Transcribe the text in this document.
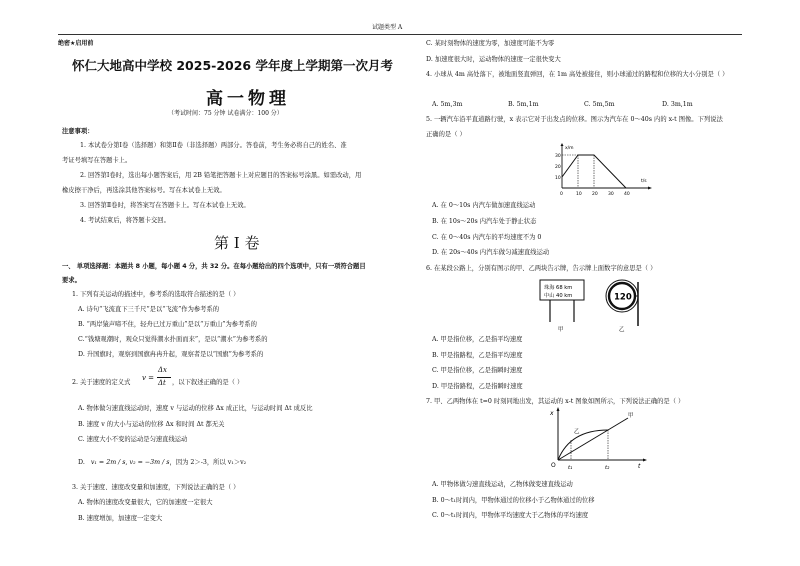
试题类型 A
绝密★启用前
怀仁大地高中学校 2025-2026 学年度上学期第一次月考
高一物理
（考试时间：75 分钟 试卷满分：100 分）
注意事项：
1. 本试卷分第Ⅰ卷（选择题）和第Ⅱ卷（非选择题）两部分。答卷前，考生务必将自己的姓名、准
考证号填写在答题卡上。
2. 回答第Ⅰ卷时，选出每小题答案后，用 2B 铅笔把答题卡上对应题目的答案标号涂黑。如需改动，用
橡皮擦干净后，再选涂其他答案标号。写在本试卷上无效。
3. 回答第Ⅱ卷时，将答案写在答题卡上。写在本试卷上无效。
4. 考试结束后，将答题卡交回。
第 I 卷
一、 单项选择题：本题共 8 小题，每小题 4 分，共 32 分。在每小题给出的四个选项中，只有一项符合题目
要求。
1. 下列有关运动的描述中，参考系的选取符合描述的是（ ）
A. 诗句“飞流直下三千尺”是以“飞流”作为参考系的
B. “两岸猿声啼不住，轻舟已过万重山”是以“万重山”为参考系的
C.“钱塘观潮时，观众只觉得潮水扑面而来”，是以“潮水”为参考系的
D. 升国旗时，观察到国旗冉冉升起，观察者是以“国旗”为参考系的
2. 关于速度的定义式
v =
Δx
Δt ，以下叙述正确的是（ ）
A. 物体做匀速直线运动时，速度 v 与运动的位移 Δx 成正比，与运动时间 Δt 成反比
B. 速度 v 的大小与运动的位移 Δx 和时间 Δt 都无关
C. 速度大小不变的运动是匀速直线运动
D. v₁ = 2m / s, v₂ = −3m / s，因为 2＞-3，所以 v₁＞v₂
3. 关于速度、速度改变量和加速度，下列说法正确的是（ ）
A. 物体的速度改变量很大，它的加速度一定很大
B. 速度增加，加速度一定变大
C. 某时刻物体的速度为零，加速度可能不为零
D. 加速度很大时，运动物体的速度一定很快变大
4. 小球从 4m 高处落下，被地面竖直弹回，在 1m 高处被接住，则小球通过的路程和位移的大小分别是（ ）
A. 5m,3m	B. 5m,1m	C. 5m,5m	D. 3m,1m
5. 一辆汽车沿平直道路行驶，x 表示它对于出发点的位移。图示为汽车在 0～40s 内的 x-t 图像。下列说法
正确的是（ ）
x/m
t/s
30
20
10
0	10 20 30 40
A. 在 0～10s 内汽车做加速直线运动
B. 在 10s～20s 内汽车处于静止状态
C. 在 0～40s 内汽车的平均速度不为 0
D. 在 20s～40s 内汽车做匀减速直线运动
6. 在某段公路上，分别有图示的甲、乙两块告示牌，告示牌上面数字的意思是（ ）
珠海 68 km
中山 40 km
甲
120
乙
A. 甲是指位移，乙是指平均速度
B. 甲是指路程，乙是指平均速度
C. 甲是指位移，乙是指瞬时速度
D. 甲是指路程，乙是指瞬时速度
7. 甲、乙两物体在 t=0 时刻同地出发，其运动的 x-t 图象如图所示，下列说法正确的是（ ）
x
t
O t₁	t₂
甲
乙
A. 甲物体做匀速直线运动，乙物体做变速直线运动
B. 0～t₁时间内，甲物体通过的位移小于乙物体通过的位移
C. 0～t₁时间内，甲物体平均速度大于乙物体的平均速度
